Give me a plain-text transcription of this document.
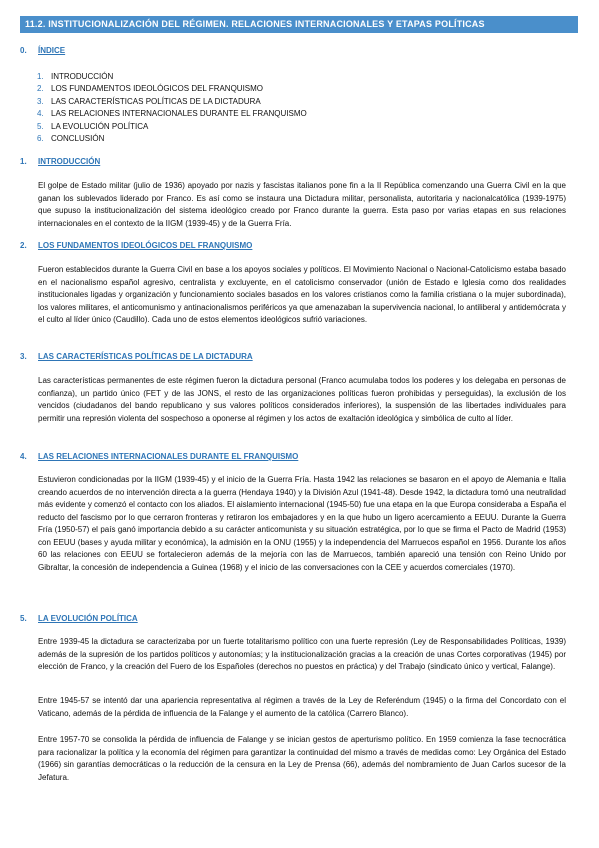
11.2. INSTITUCIONALIZACIÓN DEL RÉGIMEN. RELACIONES INTERNACIONALES Y ETAPAS POLÍTICAS
0. ÍNDICE
1. INTRODUCCIÓN
2. LOS FUNDAMENTOS IDEOLÓGICOS DEL FRANQUISMO
3. LAS CARACTERÍSTICAS POLÍTICAS DE LA DICTADURA
4. LAS RELACIONES INTERNACIONALES DURANTE EL FRANQUISMO
5. LA EVOLUCIÓN POLÍTICA
6. CONCLUSIÓN
1. INTRODUCCIÓN
El golpe de Estado militar (julio de 1936) apoyado por nazis y fascistas italianos pone fin a la II República comenzando una Guerra Civil en la que ganan los sublevados liderado por Franco. Es así como se instaura una Dictadura militar, personalista, autoritaria y nacionalcatólica (1939-1975) que supuso la institucionalización del sistema ideológico creado por Franco durante la guerra. Esta paso por varias etapas en sus relaciones internacionales en el contexto de la IIGM (1939-45) y de la Guerra Fría.
2. LOS FUNDAMENTOS IDEOLÓGICOS DEL FRANQUISMO
Fueron establecidos durante la Guerra Civil en base a los apoyos sociales y políticos. El Movimiento Nacional o Nacional-Catolicismo estaba basado en el nacionalismo español agresivo, centralista y excluyente, en el catolicismo conservador (unión de Estado e Iglesia como dos realidades institucionales ligadas y organización y funcionamiento sociales basados en los valores cristianos como la familia cristiana o la mujer subordinada), los valores militares, el anticomunismo y antinacionalismos periféricos ya que amenazaban la supervivencia nacional, lo antiliberal y antidemócrata y el culto al líder único (Caudillo). Cada uno de estos elementos ideológicos sufrió variaciones.
3. LAS CARACTERÍSTICAS POLÍTICAS DE LA DICTADURA
Las características permanentes de este régimen fueron la dictadura personal (Franco acumulaba todos los poderes y los delegaba en personas de confianza), un partido único (FET y de las JONS, el resto de las organizaciones políticas fueron prohibidas y perseguidas), la exclusión de los vencidos (ciudadanos del bando republicano y sus valores políticos considerados inferiores), la suspensión de las libertades individuales para permitir una represión violenta del sospechoso a oponerse al régimen y los actos de exaltación ideológica y simbólica de culto al líder.
4. LAS RELACIONES INTERNACIONALES DURANTE EL FRANQUISMO
Estuvieron condicionadas por la IIGM (1939-45) y el inicio de la Guerra Fría. Hasta 1942 las relaciones se basaron en el apoyo de Alemania e Italia creando acuerdos de no intervención directa a la guerra (Hendaya 1940) y la División Azul (1941-48). Desde 1942, la dictadura tomó una neutralidad más evidente y comenzó el contacto con los aliados. El aislamiento internacional (1945-50) fue una etapa en la que Europa consideraba a España el reducto del fascismo por lo que cerraron fronteras y retiraron los embajadores y en la que hubo un ligero acercamiento a EEUU. Durante la Guerra Fría (1950-57) el país ganó importancia debido a su carácter anticomunista y su situación estratégica, por lo que se firma el Pacto de Madrid (1953) con EEUU (bases y ayuda militar y económica), la admisión en la ONU (1955) y la independencia del Marruecos español en 1956. Durante los años 60 las relaciones con EEUU se fortalecieron además de la mejoría con las de Marruecos, también apareció una tensión con Reino Unido por Gibraltar, la concesión de independencia a Guinea (1968) y el inicio de las conversaciones con la CEE y acuerdos comerciales (1970).
5. LA EVOLUCIÓN POLÍTICA
Entre 1939-45 la dictadura se caracterizaba por un fuerte totalitarismo político con una fuerte represión (Ley de Responsabilidades Políticas, 1939) además de la supresión de los partidos políticos y autonomías; y la institucionalización gracias a la creación de unas Cortes corporativas (1945) por elección de Franco, y la creación del Fuero de los Españoles (derechos no puestos en práctica) y del Trabajo (sindicato único y vertical, Falange).
Entre 1945-57 se intentó dar una apariencia representativa al régimen a través de la Ley de Referéndum (1945) o la firma del Concordato con el Vaticano, además de la pérdida de influencia de la Falange y el aumento de la católica (Carrero Blanco).
Entre 1957-70 se consolida la pérdida de influencia de Falange y se inician gestos de aperturismo político. En 1959 comienza la fase tecnocrática para racionalizar la política y la economía del régimen para garantizar la continuidad del mismo a través de medidas como: Ley Orgánica del Estado (1966) sin garantías democráticas o la reducción de la censura en la Ley de Prensa (66), además del nombramiento de Juan Carlos sucesor de la Jefatura.
